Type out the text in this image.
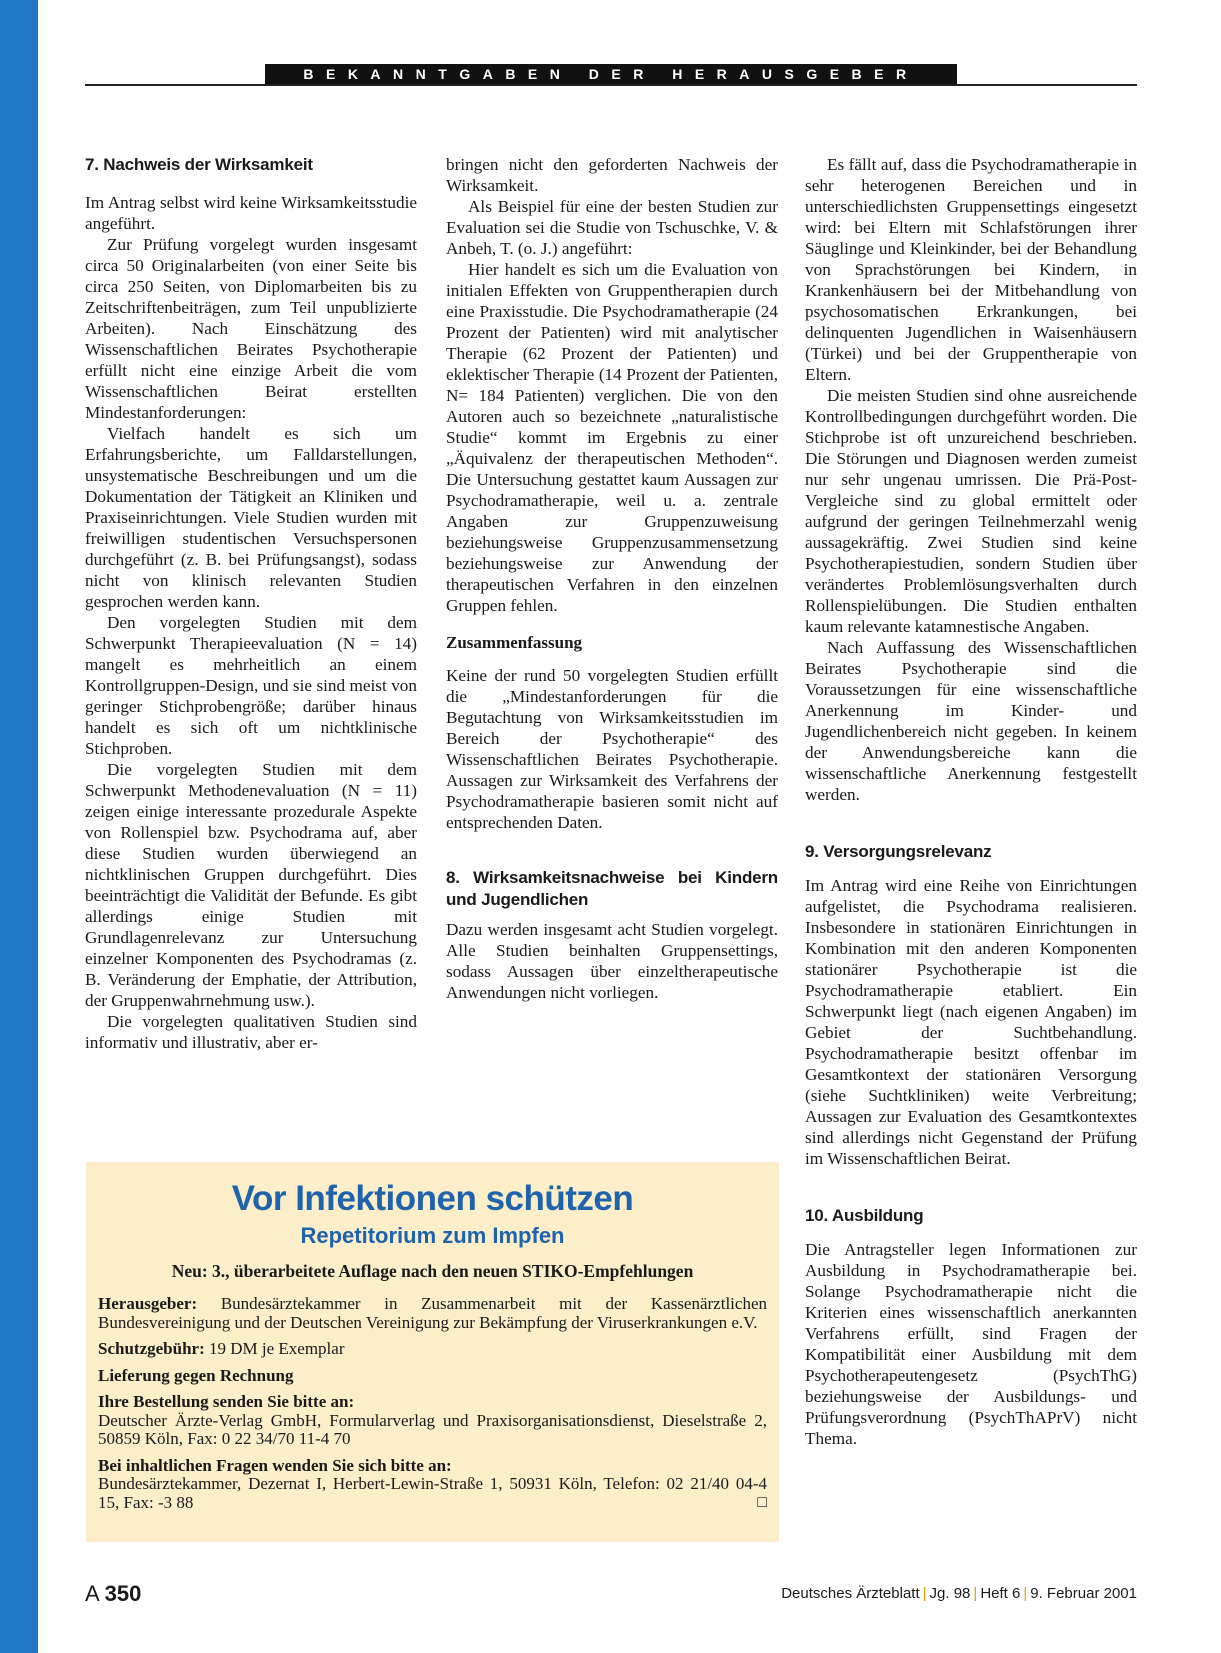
BEKANNTGABEN DER HERAUSGEBER
7. Nachweis der Wirksamkeit

Im Antrag selbst wird keine Wirksamkeitsstudie angeführt.

Zur Prüfung vorgelegt wurden insgesamt circa 50 Originalarbeiten (von einer Seite bis circa 250 Seiten, von Diplomarbeiten bis zu Zeitschriftenbeiträgen, zum Teil unpublizierte Arbeiten). Nach Einschätzung des Wissenschaftlichen Beirates Psychotherapie erfüllt nicht eine einzige Arbeit die vom Wissenschaftlichen Beirat erstellten Mindestanforderungen:

Vielfach handelt es sich um Erfahrungsberichte, um Falldarstellungen, unsystematische Beschreibungen und um die Dokumentation der Tätigkeit an Kliniken und Praxiseinrichtungen. Viele Studien wurden mit freiwilligen studentischen Versuchspersonen durchgeführt (z. B. bei Prüfungsangst), sodass nicht von klinisch relevanten Studien gesprochen werden kann.

Den vorgelegten Studien mit dem Schwerpunkt Therapieevaluation (N = 14) mangelt es mehrheitlich an einem Kontrollgruppen-Design, und sie sind meist von geringer Stichprobengröße; darüber hinaus handelt es sich oft um nichtklinische Stichproben.

Die vorgelegten Studien mit dem Schwerpunkt Methodenevaluation (N = 11) zeigen einige interessante prozedurale Aspekte von Rollenspiel bzw. Psychodrama auf, aber diese Studien wurden überwiegend an nichtklinischen Gruppen durchgeführt. Dies beeinträchtigt die Validität der Befunde. Es gibt allerdings einige Studien mit Grundlagenrelevanz zur Untersuchung einzelner Komponenten des Psychodramas (z. B. Veränderung der Emphatie, der Attribution, der Gruppenwahrnehmung usw.).

Die vorgelegten qualitativen Studien sind informativ und illustrativ, aber er-

bringen nicht den geforderten Nachweis der Wirksamkeit.

Als Beispiel für eine der besten Studien zur Evaluation sei die Studie von Tschuschke, V. & Anbeh, T. (o. J.) angeführt:

Hier handelt es sich um die Evaluation von initialen Effekten von Gruppentherapien durch eine Praxisstudie. Die Psychodramatherapie (24 Prozent der Patienten) wird mit analytischer Therapie (62 Prozent der Patienten) und eklektischer Therapie (14 Prozent der Patienten, N= 184 Patienten) verglichen. Die von den Autoren auch so bezeichnete „naturalistische Studie“ kommt im Ergebnis zu einer „Äquivalenz der therapeutischen Methoden“. Die Untersuchung gestattet kaum Aussagen zur Psychodramatherapie, weil u. a. zentrale Angaben zur Gruppenzuweisung beziehungsweise Gruppenzusammensetzung beziehungsweise zur Anwendung der therapeutischen Verfahren in den einzelnen Gruppen fehlen.

Zusammenfassung

Keine der rund 50 vorgelegten Studien erfüllt die „Mindestanforderungen für die Begutachtung von Wirksamkeitsstudien im Bereich der Psychotherapie“ des Wissenschaftlichen Beirates Psychotherapie. Aussagen zur Wirksamkeit des Verfahrens der Psychodramatherapie basieren somit nicht auf entsprechenden Daten.

8. Wirksamkeitsnachweise bei Kindern und Jugendlichen

Dazu werden insgesamt acht Studien vorgelegt. Alle Studien beinhalten Gruppensettings, sodass Aussagen über einzeltherapeutische Anwendungen nicht vorliegen.

Es fällt auf, dass die Psychodramatherapie in sehr heterogenen Bereichen und in unterschiedlichsten Gruppensettings eingesetzt wird: bei Eltern mit Schlafstörungen ihrer Säuglinge und Kleinkinder, bei der Behandlung von Sprachstörungen bei Kindern, in Krankenhäusern bei der Mitbehandlung von psychosomatischen Erkrankungen, bei delinquenten Jugendlichen in Waisenhäusern (Türkei) und bei der Gruppentherapie von Eltern.

Die meisten Studien sind ohne ausreichende Kontrollbedingungen durchgeführt worden. Die Stichprobe ist oft unzureichend beschrieben. Die Störungen und Diagnosen werden zumeist nur sehr ungenau umrissen. Die Prä-Post-Vergleiche sind zu global ermittelt oder aufgrund der geringen Teilnehmerzahl wenig aussagekräftig. Zwei Studien sind keine Psychotherapiestudien, sondern Studien über verändertes Problemlösungsverhalten durch Rollenspielübungen. Die Studien enthalten kaum relevante katamnestische Angaben.

Nach Auffassung des Wissenschaftlichen Beirates Psychotherapie sind die Voraussetzungen für eine wissenschaftliche Anerkennung im Kinder- und Jugendlichenbereich nicht gegeben. In keinem der Anwendungsbereiche kann die wissenschaftliche Anerkennung festgestellt werden.

9. Versorgungsrelevanz

Im Antrag wird eine Reihe von Einrichtungen aufgelistet, die Psychodrama realisieren. Insbesondere in stationären Einrichtungen in Kombination mit den anderen Komponenten stationärer Psychotherapie ist die Psychodramatherapie etabliert. Ein Schwerpunkt liegt (nach eigenen Angaben) im Gebiet der Suchtbehandlung. Psychodramatherapie besitzt offenbar im Gesamtkontext der stationären Versorgung (siehe Suchtkliniken) weite Verbreitung; Aussagen zur Evaluation des Gesamtkontextes sind allerdings nicht Gegenstand der Prüfung im Wissenschaftlichen Beirat.

10. Ausbildung

Die Antragsteller legen Informationen zur Ausbildung in Psychodramatherapie bei. Solange Psychodramatherapie nicht die Kriterien eines wissenschaftlich anerkannten Verfahrens erfüllt, sind Fragen der Kompatibilität einer Ausbildung mit dem Psychotherapeutengesetz (PsychThG) beziehungsweise der Ausbildungs- und Prüfungsverordnung (PsychThAPrV) nicht Thema.

Vor Infektionen schützen
Repetitorium zum Impfen
Neu: 3., überarbeitete Auflage nach den neuen STIKO-Empfehlungen

Herausgeber: Bundesärztekammer in Zusammenarbeit mit der Kassenärztlichen Bundesvereinigung und der Deutschen Vereinigung zur Bekämpfung der Viruserkrankungen e.V.

Schutzgebühr: 19 DM je Exemplar

Lieferung gegen Rechnung

Ihre Bestellung senden Sie bitte an:
Deutscher Ärzte-Verlag GmbH, Formularverlag und Praxisorganisationsdienst, Dieselstraße 2, 50859 Köln, Fax: 0 22 34/70 11-4 70

Bei inhaltlichen Fragen wenden Sie sich bitte an:
Bundesärztekammer, Dezernat I, Herbert-Lewin-Straße 1, 50931 Köln, Telefon: 02 21/40 04-4 15, Fax: -3 88	□

A 350	Deutsches Ärzteblatt | Jg. 98 | Heft 6 | 9. Februar 2001
